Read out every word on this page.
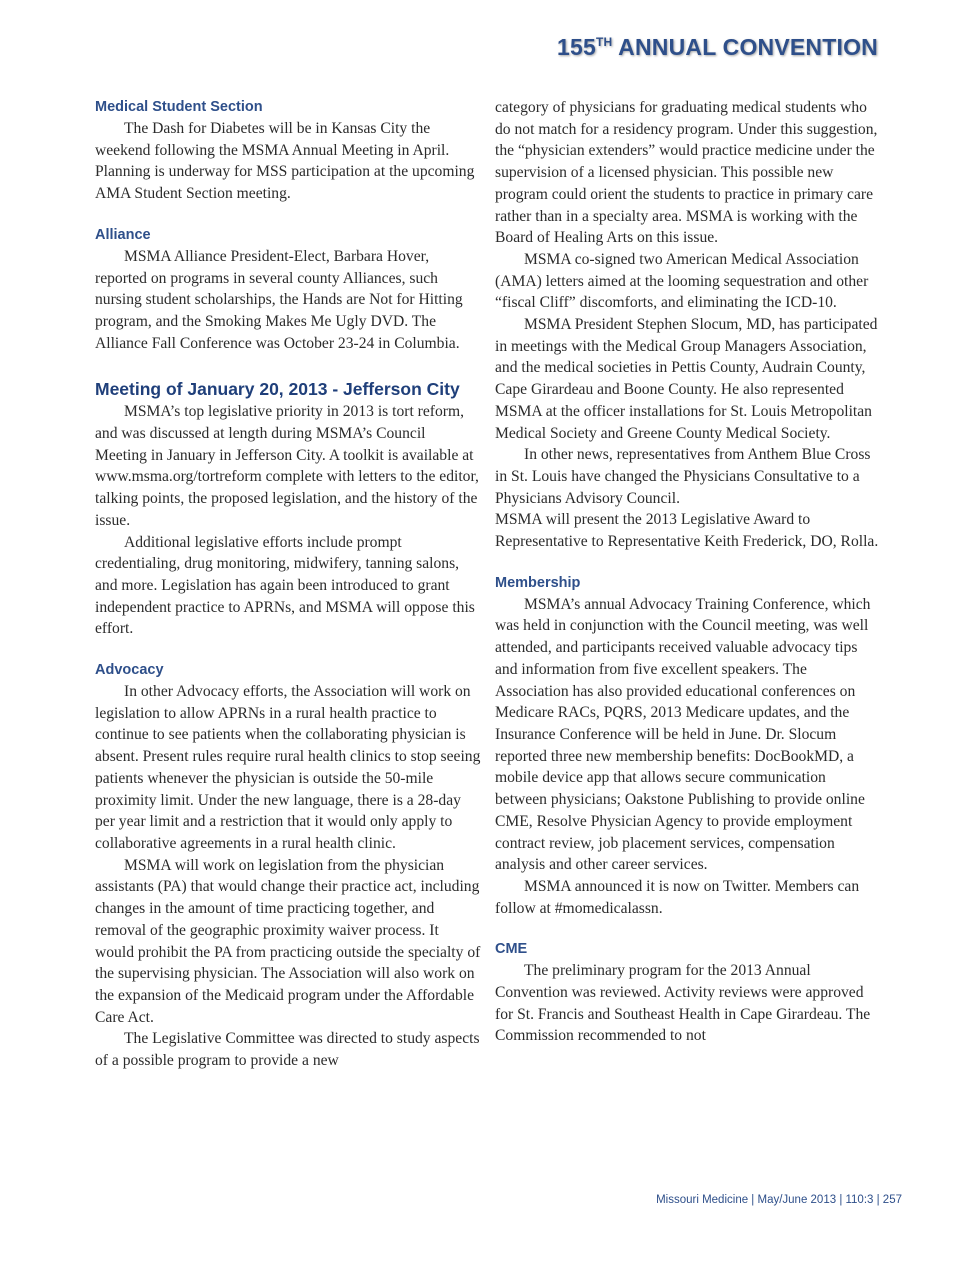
155TH ANNUAL CONVENTION
Medical Student Section

The Dash for Diabetes will be in Kansas City the weekend following the MSMA Annual Meeting in April. Planning is underway for MSS participation at the upcoming AMA Student Section meeting.

Alliance

MSMA Alliance President-Elect, Barbara Hover, reported on programs in several county Alliances, such nursing student scholarships, the Hands are Not for Hitting program, and the Smoking Makes Me Ugly DVD. The Alliance Fall Conference was October 23-24 in Columbia.

Meeting of January 20, 2013 - Jefferson City

MSMA’s top legislative priority in 2013 is tort reform, and was discussed at length during MSMA’s Council Meeting in January in Jefferson City. A toolkit is available at www.msma.org/tortreform complete with letters to the editor, talking points, the proposed legislation, and the history of the issue.

Additional legislative efforts include prompt credentialing, drug monitoring, midwifery, tanning salons, and more. Legislation has again been introduced to grant independent practice to APRNs, and MSMA will oppose this effort.

Advocacy

In other Advocacy efforts, the Association will work on legislation to allow APRNs in a rural health practice to continue to see patients when the collaborating physician is absent. Present rules require rural health clinics to stop seeing patients whenever the physician is outside the 50-mile proximity limit. Under the new language, there is a 28-day per year limit and a restriction that it would only apply to collaborative agreements in a rural health clinic.

MSMA will work on legislation from the physician assistants (PA) that would change their practice act, including changes in the amount of time practicing together, and removal of the geographic proximity waiver process. It would prohibit the PA from practicing outside the specialty of the supervising physician. The Association will also work on the expansion of the Medicaid program under the Affordable Care Act.

The Legislative Committee was directed to study aspects of a possible program to provide a new

category of physicians for graduating medical students who do not match for a residency program. Under this suggestion, the “physician extenders” would practice medicine under the supervision of a licensed physician. This possible new program could orient the students to practice in primary care rather than in a specialty area. MSMA is working with the Board of Healing Arts on this issue.

MSMA co-signed two American Medical Association (AMA) letters aimed at the looming sequestration and other “fiscal Cliff” discomforts, and eliminating the ICD-10.

MSMA President Stephen Slocum, MD, has participated in meetings with the Medical Group Managers Association, and the medical societies in Pettis County, Audrain County, Cape Girardeau and Boone County. He also represented MSMA at the officer installations for St. Louis Metropolitan Medical Society and Greene County Medical Society.

In other news, representatives from Anthem Blue Cross in St. Louis have changed the Physicians Consultative to a Physicians Advisory Council.

MSMA will present the 2013 Legislative Award to Representative to Representative Keith Frederick, DO, Rolla.

Membership

MSMA’s annual Advocacy Training Conference, which was held in conjunction with the Council meeting, was well attended, and participants received valuable advocacy tips and information from five excellent speakers. The Association has also provided educational conferences on Medicare RACs, PQRS, 2013 Medicare updates, and the Insurance Conference will be held in June. Dr. Slocum reported three new membership benefits: DocBookMD, a mobile device app that allows secure communication between physicians; Oakstone Publishing to provide online CME, Resolve Physician Agency to provide employment contract review, job placement services, compensation analysis and other career services.

MSMA announced it is now on Twitter. Members can follow at #momedicalassn.

CME

The preliminary program for the 2013 Annual Convention was reviewed. Activity reviews were approved for St. Francis and Southeast Health in Cape Girardeau. The Commission recommended to not

Missouri Medicine | May/June 2013 | 110:3 | 257
